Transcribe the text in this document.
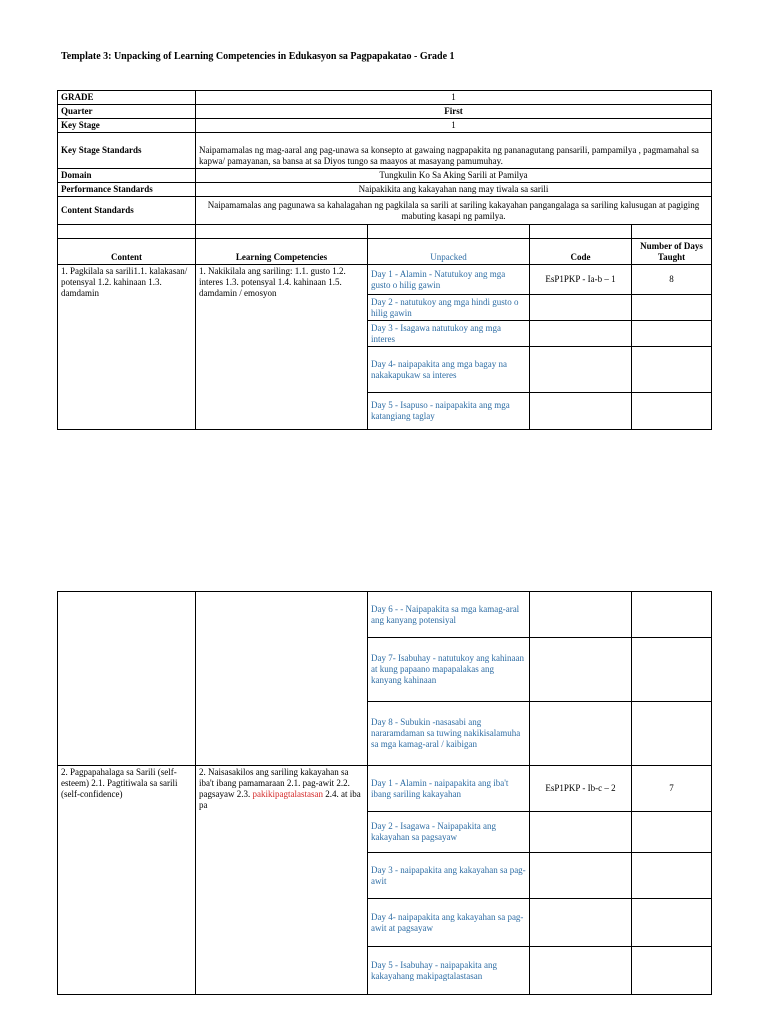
Template 3: Unpacking of Learning Competencies in Edukasyon sa Pagpapakatao - Grade 1
GRADE	1			
Quarter	First			
Key Stage	1			
Key Stage Standards	Naipamamalas ng mag-aaral ang pag-unawa sa konsepto at gawaing nagpapakita ng pananagutang pansarili, pampamilya , pagmamahal sa kapwa/ pamayanan, sa bansa at sa Diyos tungo sa maayos at masayang pamumuhay.			
Domain	Tungkulin Ko Sa Aking Sarili at Pamilya			
Performance Standards	Naipakikita ang kakayahan nang may tiwala sa sarili			
Content Standards	Naipamamalas ang pagunawa sa kahalagahan ng pagkilala sa sarili at sariling kakayahan pangangalaga sa sariling kalusugan at pagiging mabuting kasapi ng pamilya.			

Content	Learning Competencies	Unpacked	Code	Number of Days Taught
1. Pagkilala sa sarili1.1. kalakasan/ potensyal 1.2. kahinaan 1.3. damdamin	1. Nakikilala ang sariling: 1.1. gusto 1.2. interes 1.3. potensyal 1.4. kahinaan 1.5. damdamin / emosyon	Day 1 - Alamin - Natutukoy ang mga gusto o hilig gawin	EsP1PKP - Ia-b – 1	8
		Day 2 - natutukoy ang mga hindi gusto o hilig gawin		
		Day 3 - Isagawa natutukoy ang mga interes		
		Day 4- naipapakita ang mga bagay na nakakapukaw sa interes		
		Day 5 - Isapuso - naipapakita ang mga katangiang taglay		
		Day 6 - - Naipapakita sa mga kamag-aral ang kanyang potensiyal		
		Day 7- Isabuhay - natutukoy ang kahinaan at kung papaano mapapalakas ang kanyang kahinaan		
		Day 8 - Subukin -nasasabi ang nararamdaman sa tuwing nakikisalamuha sa mga kamag-aral / kaibigan		
2. Pagpapahalaga sa Sarili (self-esteem) 2.1. Pagtitiwala sa sarili (self-confidence)	2. Naisasakilos ang sariling kakayahan sa iba't ibang pamamaraan 2.1. pag-awit 2.2. pagsayaw 2.3. pakikipagtalastasan 2.4. at iba pa	Day 1 - Alamin - naipapakita ang iba't ibang sariling kakayahan	EsP1PKP - Ib-c – 2	7
		Day 2 - Isagawa - Naipapakita ang kakayahan sa pagsayaw		
		Day 3 - naipapakita ang kakayahan sa pag-awit		
		Day 4- naipapakita ang kakayahan sa pag-awit at pagsayaw		
		Day 5 - Isabuhay - naipapakita ang kakayahang makipagtalastasan		
